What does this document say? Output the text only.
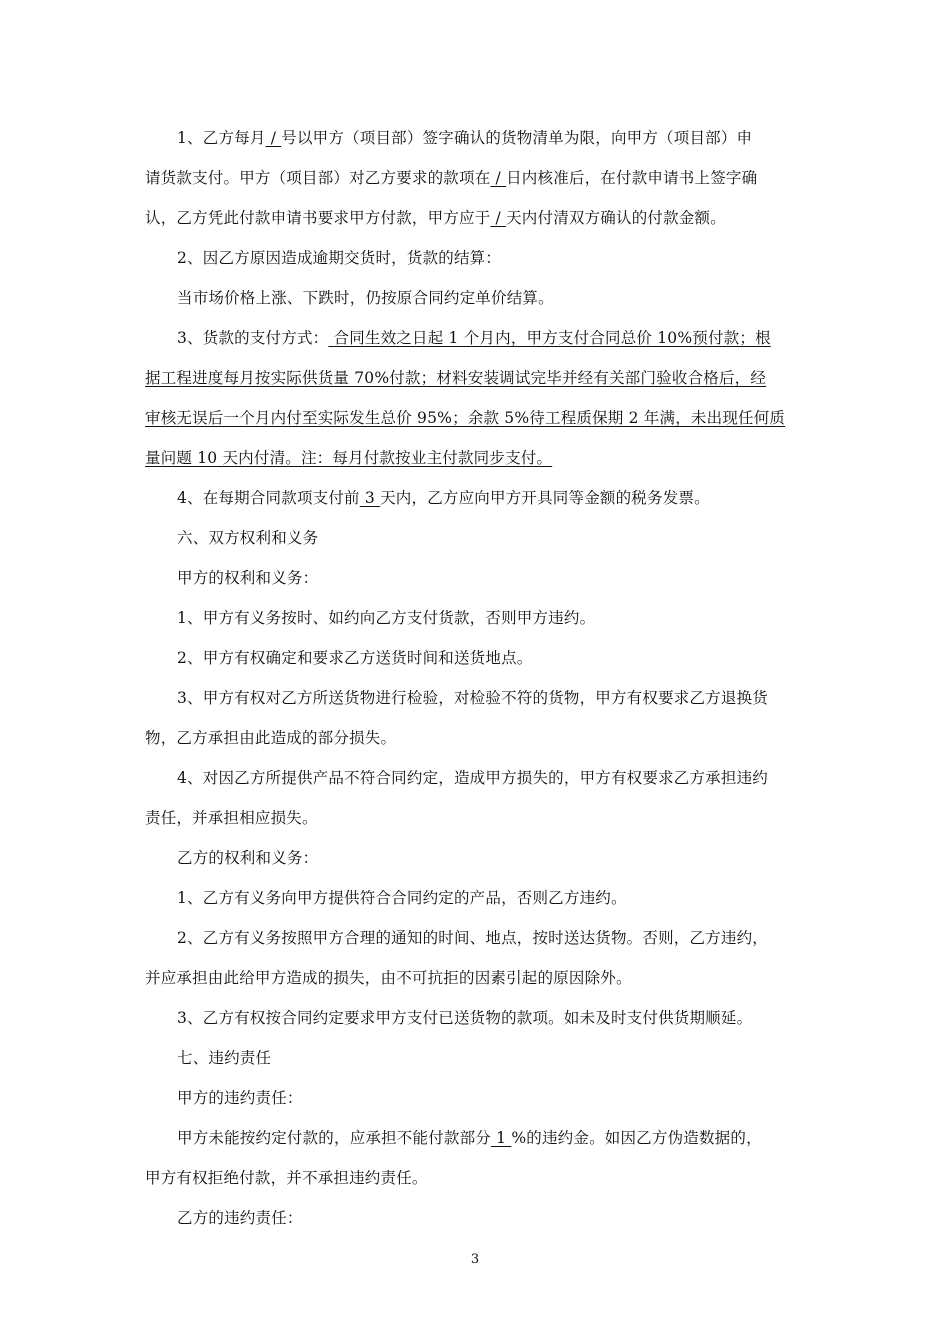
1、乙方每月 / 号以甲方（项目部）签字确认的货物清单为限，向甲方（项目部）申
请货款支付。甲方（项目部）对乙方要求的款项在 / 日内核准后，在付款申请书上签字确
认，乙方凭此付款申请书要求甲方付款，甲方应于 / 天内付清双方确认的付款金额。
2、因乙方原因造成逾期交货时，货款的结算：
当市场价格上涨、下跌时，仍按原合同约定单价结算。
3、货款的支付方式： 合同生效之日起 1 个月内，甲方支付合同总价 10%预付款；根
据工程进度每月按实际供货量 70%付款；材料安装调试完毕并经有关部门验收合格后，经
审核无误后一个月内付至实际发生总价 95%；余款 5%待工程质保期 2 年满，未出现任何质
量问题 10 天内付清。注：每月付款按业主付款同步支付。
4、在每期合同款项支付前 3 天内，乙方应向甲方开具同等金额的税务发票。
六、双方权利和义务
甲方的权利和义务：
1、甲方有义务按时、如约向乙方支付货款，否则甲方违约。
2、甲方有权确定和要求乙方送货时间和送货地点。
3、甲方有权对乙方所送货物进行检验，对检验不符的货物，甲方有权要求乙方退换货
物，乙方承担由此造成的部分损失。
4、对因乙方所提供产品不符合同约定，造成甲方损失的，甲方有权要求乙方承担违约
责任，并承担相应损失。
乙方的权利和义务：
1、乙方有义务向甲方提供符合合同约定的产品，否则乙方违约。
2、乙方有义务按照甲方合理的通知的时间、地点，按时送达货物。否则，乙方违约，
并应承担由此给甲方造成的损失，由不可抗拒的因素引起的原因除外。
3、乙方有权按合同约定要求甲方支付已送货物的款项。如未及时支付供货期顺延。
七、违约责任
甲方的违约责任：
甲方未能按约定付款的，应承担不能付款部分 1 %的违约金。如因乙方伪造数据的，
甲方有权拒绝付款，并不承担违约责任。
乙方的违约责任：
3
